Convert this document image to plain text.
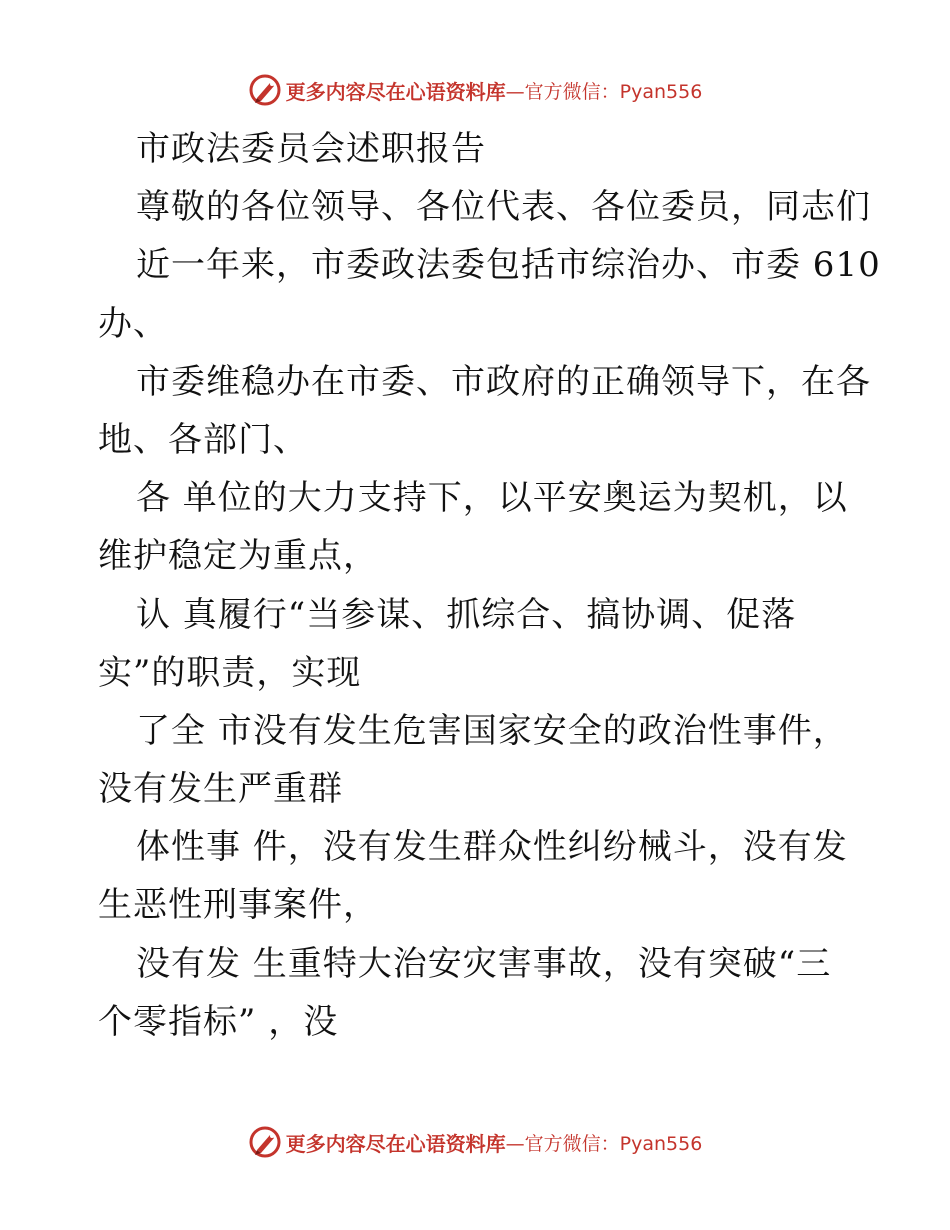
更多内容尽在心语资料库 —官方微信：Pyan556
市政法委员会述职报告
尊敬的各位领导、各位代表、各位委员，同志们
近一年来，市委政法委包括市综治办、市委 610
办、
市委维稳办在市委、市政府的正确领导下，在各
地、各部门、
各 单位的大力支持下，以平安奥运为契机，以
维护稳定为重点，
认 真履行“当参谋、抓综合、搞协调、促落
实”的职责，实现
了全 市没有发生危害国家安全的政治性事件，
没有发生严重群
体性事 件，没有发生群众性纠纷械斗，没有发
生恶性刑事案件，
没有发 生重特大治安灾害事故，没有突破“三
个零指标” ，没
更多内容尽在心语资料库 —官方微信：Pyan556
